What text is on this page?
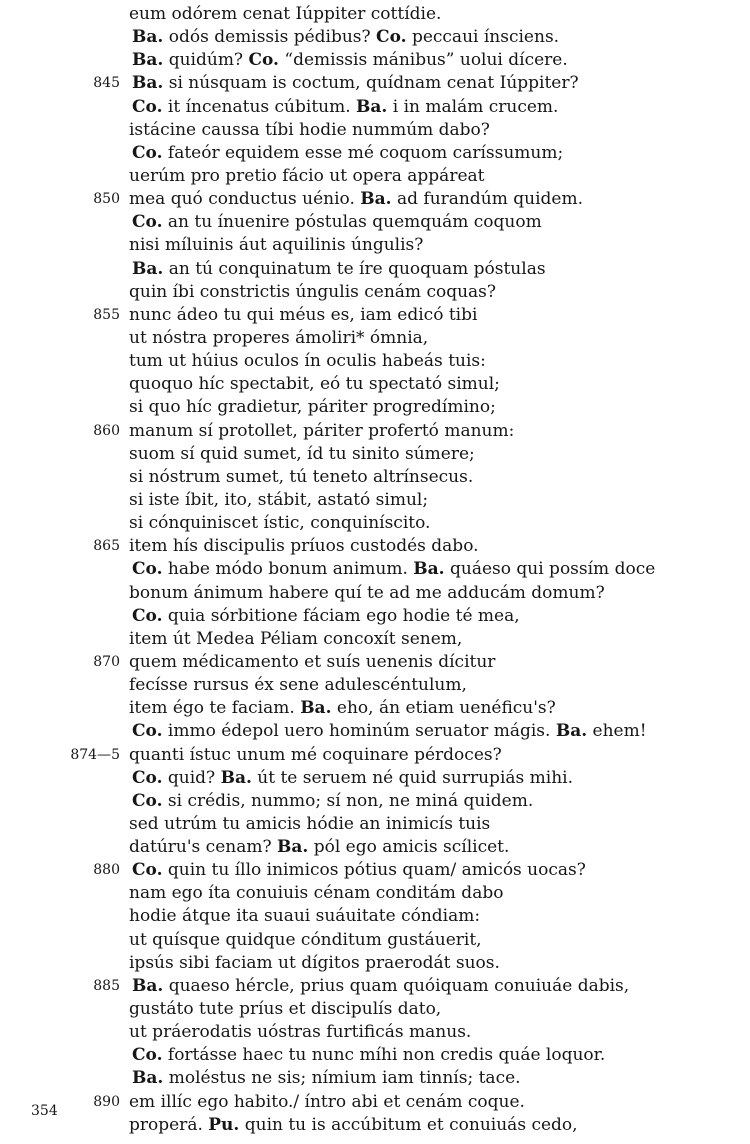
eum odórem cenat Iúppiter cottídie.
Ba. odós demissis pédibus? Co. peccaui ínsciens.
Ba. quidúm? Co. “demissis mánibus” uolui dícere.
845 Ba. si núsquam is coctum, quídnam cenat Iúppiter?
Co. it íncenatus cúbitum. Ba. i in malám crucem.
istácine caussa tíbi hodie nummúm dabo?
Co. fateór equidem esse mé coquom caríssumum;
uerúm pro pretio fácio ut opera appáreat
850 mea quó conductus uénio. Ba. ad furandúm quidem.
Co. an tu ínuenire póstulas quemquám coquom
nisi míluinis áut aquilinis úngulis?
Ba. an tú conquinatum te íre quoquam póstulas
quin íbi constrictis úngulis cenám coquas?
855 nunc ádeo tu qui méus es, iam edicó tibi
ut nóstra properes ámoliri* ómnia,
tum ut húius oculos ín oculis habeás tuis:
quoquo híc spectabit, eó tu spectató simul;
si quo híc gradietur, páriter progredímino;
860 manum sí protollet, páriter profertó manum:
suom sí quid sumet, íd tu sinito súmere;
si nóstrum sumet, tú teneto altrínsecus.
si iste íbit, ito, stábit, astató simul;
si cónquiniscet ístic, conquiníscito.
865 item hís discipulis príuos custodés dabo.
Co. habe módo bonum animum. Ba. quáeso qui possím doce
bonum ánimum habere quí te ad me adducám domum?
Co. quia sórbitione fáciam ego hodie té mea,
item út Medea Péliam concoxít senem,
870 quem médicamento et suís uenenis dícitur
fecísse rursus éx sene adulescéntulum,
item égo te faciam. Ba. eho, án etiam uenéficu's?
Co. immo édepol uero hominúm seruator mágis. Ba. ehem!
874—5 quanti ístuc unum mé coquinare pérdoces?
Co. quid? Ba. út te seruem né quid surrupiás mihi.
Co. si crédis, nummo; sí non, ne miná quidem.
sed utrúm tu amicis hódie an inimicís tuis
datúru's cenam? Ba. pól ego amicis scílicet.
880 Co. quin tu íllo inimicos pótius quam/ amicós uocas?
nam ego íta conuiuis cénam conditám dabo
hodie átque ita suaui suáuitate cóndiam:
ut quísque quidque cónditum gustáuerit,
ipsús sibi faciam ut dígitos praerodát suos.
885 Ba. quaeso hércle, prius quam quóiquam conuiuáe dabis,
gustáto tute príus et discipulís dato,
ut práerodatis uóstras furtificás manus.
Co. fortásse haec tu nunc míhi non credis quáe loquor.
Ba. moléstus ne sis; nímium iam tinnís; tace.
890 em illíc ego habito./ íntro abi et cenám coque.
properá. Pu. quin tu is accúbitum et conuiuás cedo,
354
